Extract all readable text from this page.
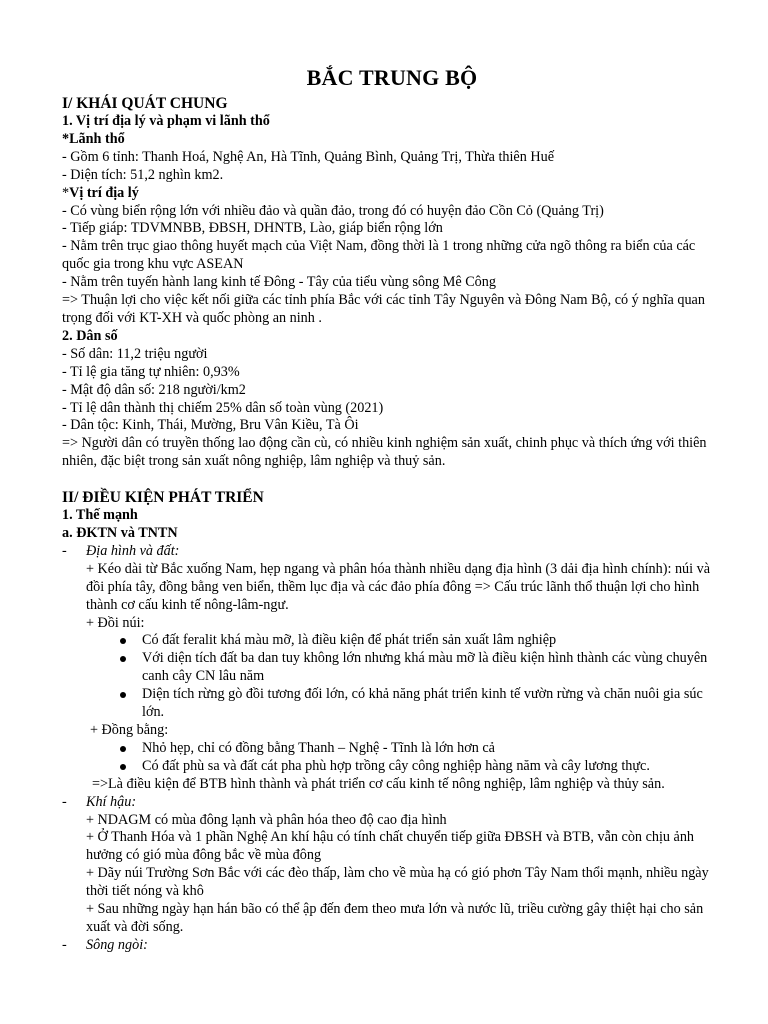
BẮC TRUNG BỘ
I/ KHÁI QUÁT CHUNG
1. Vị trí địa lý và phạm vi lãnh thổ
*Lãnh thổ
- Gồm 6 tỉnh: Thanh Hoá, Nghệ An, Hà Tĩnh, Quảng Bình, Quảng Trị, Thừa thiên Huế
- Diện tích: 51,2 nghìn km2.
*Vị trí địa lý
- Có vùng biển rộng lớn với nhiều đảo và quần đảo, trong đó có huyện đảo Cồn Cỏ (Quảng Trị)
- Tiếp giáp: TDVMNBB, ĐBSH, DHNTB, Lào, giáp biển rộng lớn
- Nằm trên trục giao thông huyết mạch của Việt Nam, đồng thời là 1 trong những cửa ngõ thông ra biển của các quốc gia trong khu vực ASEAN
- Nằm trên tuyến hành lang kinh tế Đông - Tây của tiểu vùng sông Mê Công
=> Thuận lợi cho việc kết nối giữa các tỉnh phía Bắc với các tỉnh Tây Nguyên và Đông Nam Bộ, có ý nghĩa quan trọng đối với KT-XH và quốc phòng an ninh .
2. Dân số
- Số dân: 11,2 triệu người
- Tỉ lệ gia tăng tự nhiên: 0,93%
- Mật độ dân số: 218 người/km2
- Tỉ lệ dân thành thị chiếm 25% dân số toàn vùng (2021)
- Dân tộc: Kinh, Thái, Mường, Bru Vân Kiều, Tà Ôi
=> Người dân có truyền thống lao động cần cù, có nhiều kinh nghiệm sản xuất, chinh phục và thích ứng với thiên nhiên, đặc biệt trong sản xuất nông nghiệp, lâm nghiệp và thuỷ sản.
II/ ĐIỀU KIỆN PHÁT TRIỂN
1. Thế mạnh
a. ĐKTN và TNTN
- Địa hình và đất:
+ Kéo dài từ Bắc xuống Nam, hẹp ngang và phân hóa thành nhiều dạng địa hình (3 dải địa hình chính): núi và đồi phía tây, đồng bằng ven biển, thềm lục địa và các đảo phía đông => Cấu trúc lãnh thổ thuận lợi cho hình thành cơ cấu kinh tế nông-lâm-ngư.
+ Đồi núi:
Có đất feralit khá màu mỡ, là điều kiện để phát triển sản xuất lâm nghiệp
Với diện tích đất ba dan tuy không lớn nhưng khá màu mỡ là điều kiện hình thành các vùng chuyên canh cây CN lâu năm
Diện tích rừng gò đồi tương đối lớn, có khả năng phát triển kinh tế vườn rừng và chăn nuôi gia súc lớn.
+ Đồng bằng:
Nhỏ hẹp, chỉ có đồng bằng Thanh – Nghệ - Tĩnh là lớn hơn cả
Có đất phù sa và đất cát pha phù hợp trồng cây công nghiệp hàng năm và cây lương thực.
=>Là điều kiện để BTB hình thành và phát triển cơ cấu kinh tế nông nghiệp, lâm nghiệp và thủy sản.
- Khí hậu:
+ NDAGM có mùa đông lạnh và phân hóa theo độ cao địa hình
+ Ở Thanh Hóa và 1 phần Nghệ An khí hậu có tính chất chuyển tiếp giữa ĐBSH và BTB, vẫn còn chịu ảnh hưởng có gió mùa đông bắc về mùa đông
+ Dãy núi Trường Sơn Bắc với các đèo thấp, làm cho về mùa hạ có gió phơn Tây Nam thổi mạnh, nhiều ngày thời tiết nóng và khô
+ Sau những ngày hạn hán bão có thể ập đến đem theo mưa lớn và nước lũ, triều cường gây thiệt hại cho sản xuất và đời sống.
- Sông ngòi:
